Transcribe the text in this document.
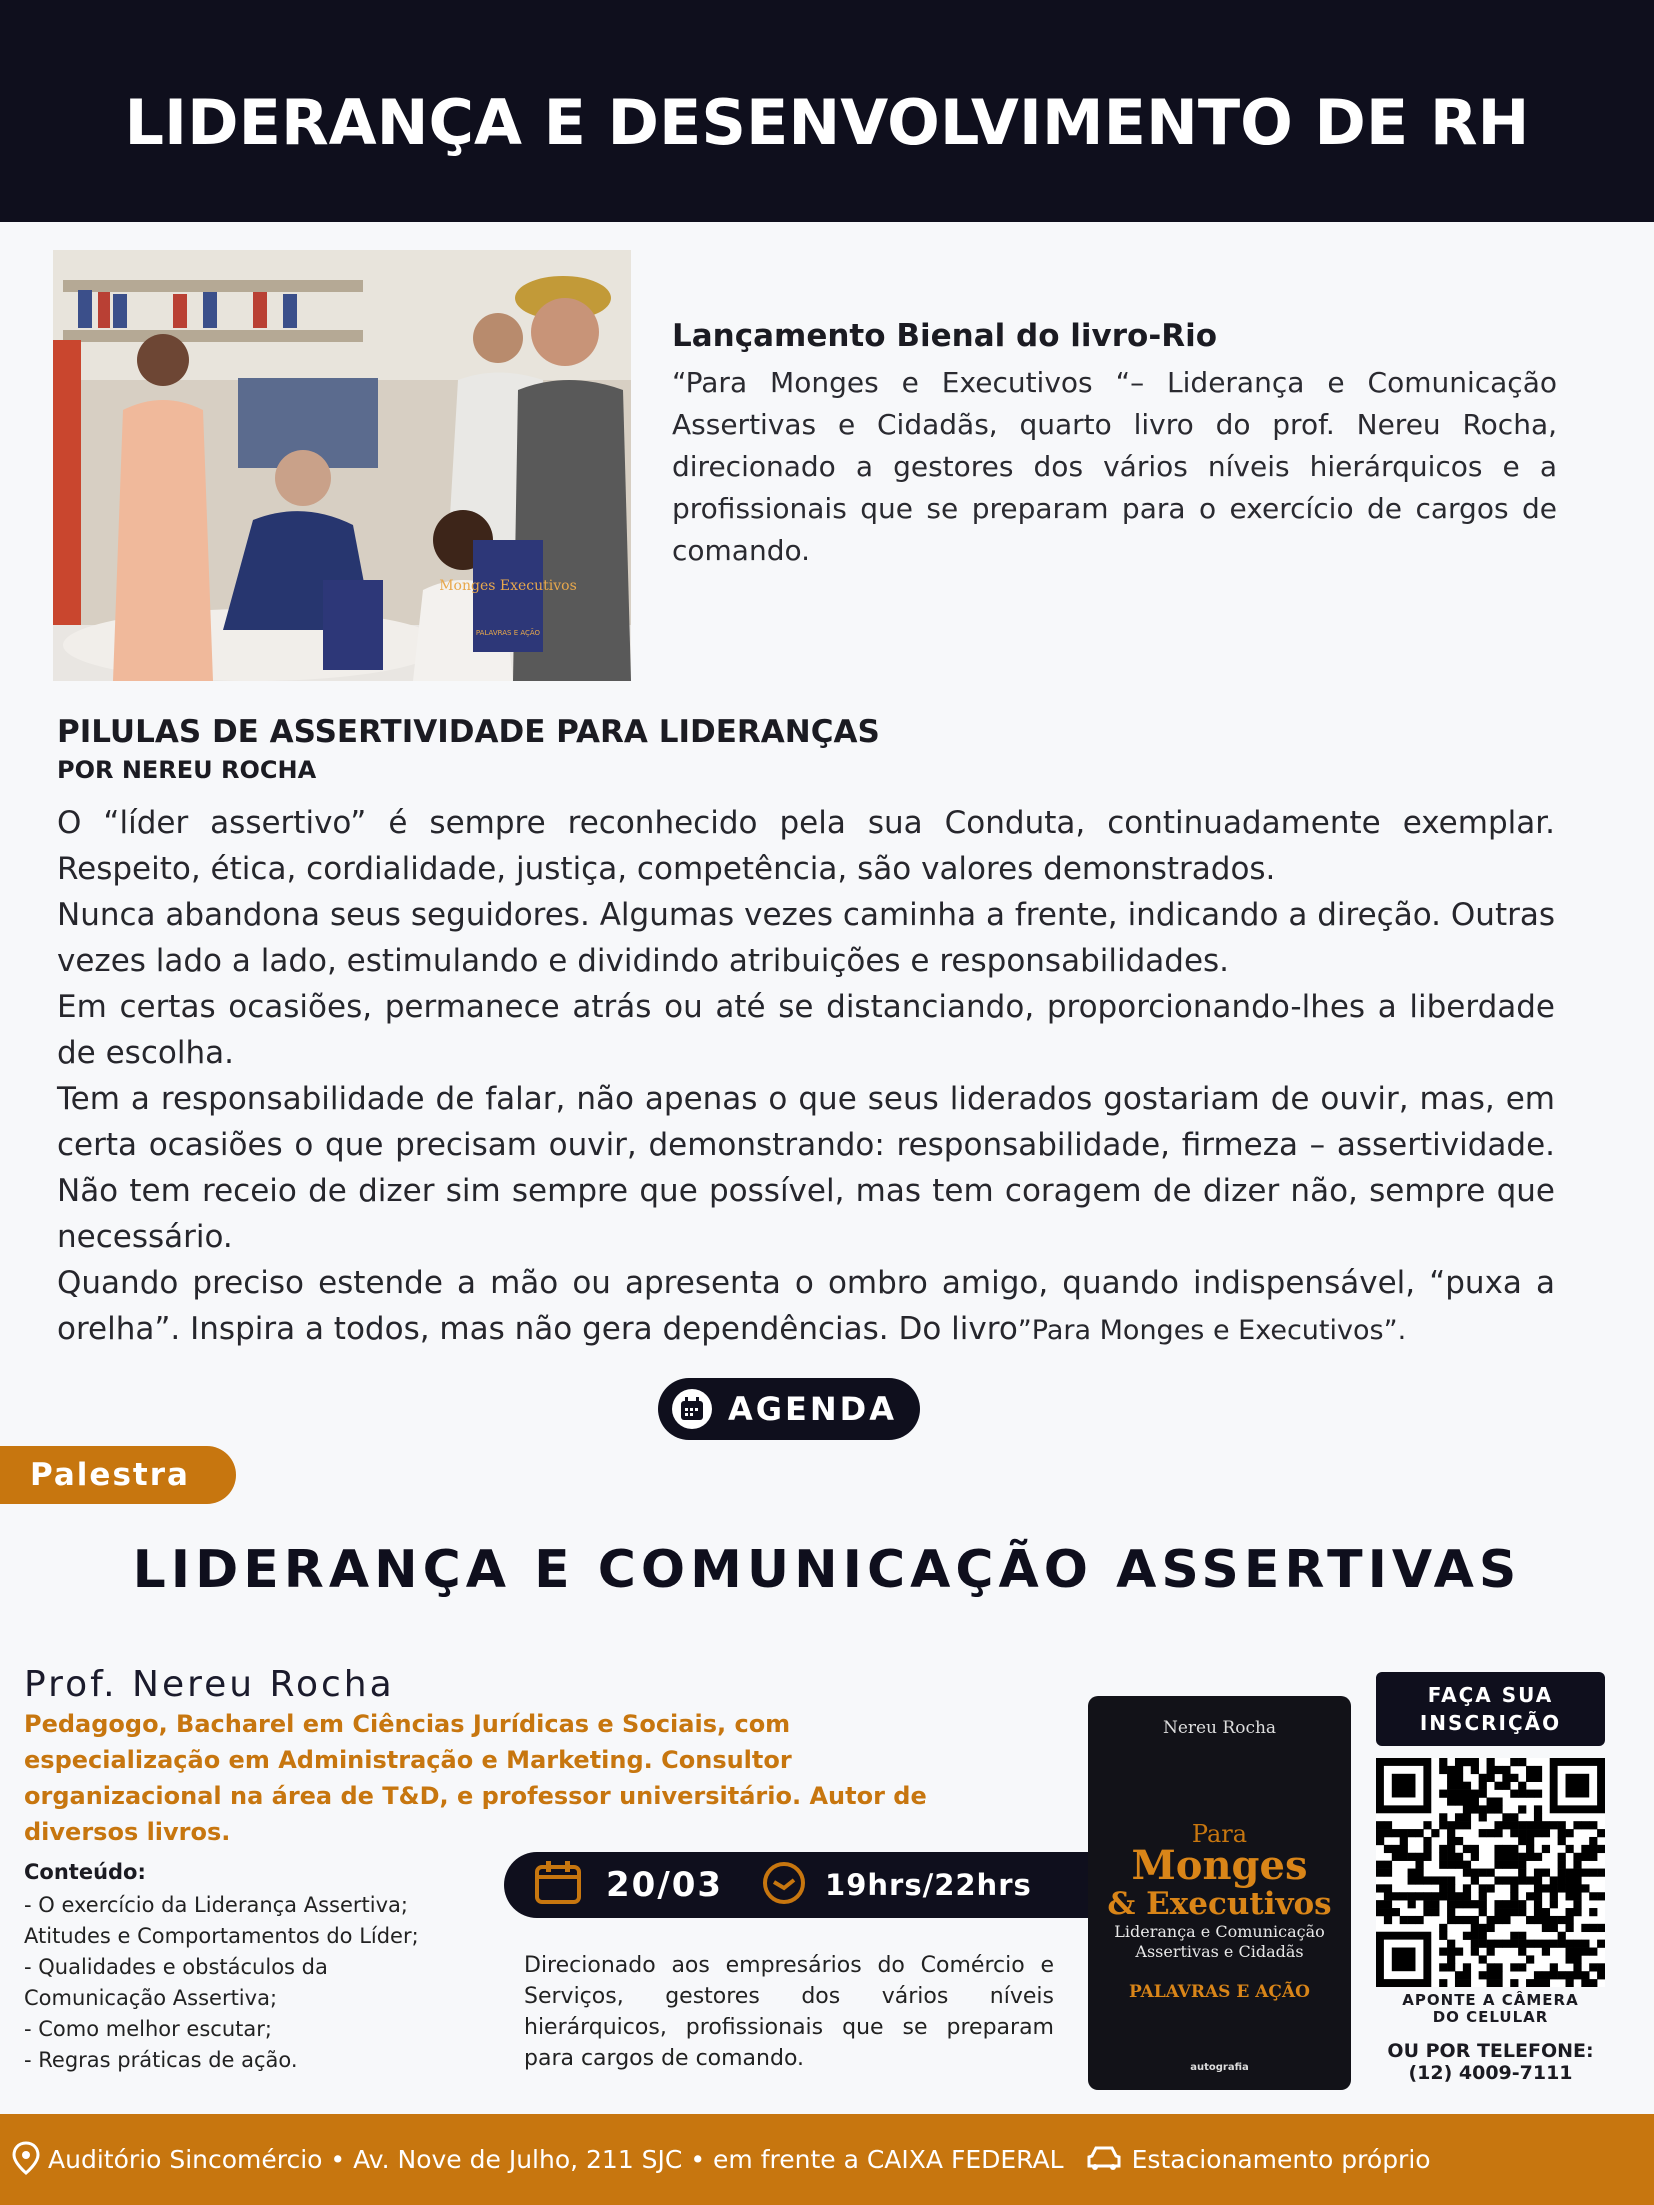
LIDERANÇA E DESENVOLVIMENTO DE RH
Monges Executivos
PALAVRAS E AÇÃO
Lançamento Bienal do livro-Rio
“Para Monges e Executivos “– Liderança e Comunicação Assertivas e Cidadãs, quarto livro do prof. Nereu Rocha, direcionado a gestores dos vários níveis hierárquicos e a profissionais que se preparam para o exercício de cargos de comando.
PILULAS DE ASSERTIVIDADE PARA LIDERANÇAS
POR NEREU ROCHA

O “líder assertivo” é sempre reconhecido pela sua Conduta, continuadamente exemplar. Respeito, ética, cordialidade, justiça, competência, são valores demonstrados.

Nunca abandona seus seguidores. Algumas vezes caminha a frente, indicando a direção. Outras vezes lado a lado, estimulando e dividindo atribuições e responsabilidades.

Em certas ocasiões, permanece atrás ou até se distanciando, proporcionando-lhes a liberdade de escolha.

Tem a responsabilidade de falar, não apenas o que seus liderados gostariam de ouvir, mas, em certa ocasiões o que precisam ouvir, demonstrando: responsabilidade, firmeza – assertividade. Não tem receio de dizer sim sempre que possível, mas tem coragem de dizer não, sempre que necessário.

Quando preciso estende a mão ou apresenta o ombro amigo, quando indispensável, “puxa a orelha”. Inspira a todos, mas não gera dependências. Do livro”Para Monges e Executivos”.

AGENDA
Palestra
LIDERANÇA E COMUNICAÇÃO ASSERTIVAS
Prof. Nereu Rocha
Pedagogo, Bacharel em Ciências Jurídicas e Sociais, com especialização em Administração e Marketing. Consultor organizacional na área de T&D, e professor universitário. Autor de diversos livros.
Conteúdo:
- O exercício da Liderança Assertiva;
Atitudes e Comportamentos do Líder;
- Qualidades e obstáculos da
Comunicação Assertiva;
- Como melhor escutar;
- Regras práticas de ação.
20/03	19hrs/22hrs
Direcionado aos empresários do Comércio e Serviços, gestores dos vários níveis hierárquicos, profissionais que se preparam para cargos de comando.
Nereu Rocha
Para
Monges
& Executivos
Liderança e Comunicação Assertivas e Cidadãs
PALAVRAS E AÇÃO
autografia
FAÇA SUA
INSCRIÇÃO
APONTE A CÂMERA
DO CELULAR
OU POR TELEFONE:
(12) 4009-7111
Auditório Sincomércio • Av. Nove de Julho, 211 SJC • em frente a CAIXA FEDERAL	Estacionamento próprio
